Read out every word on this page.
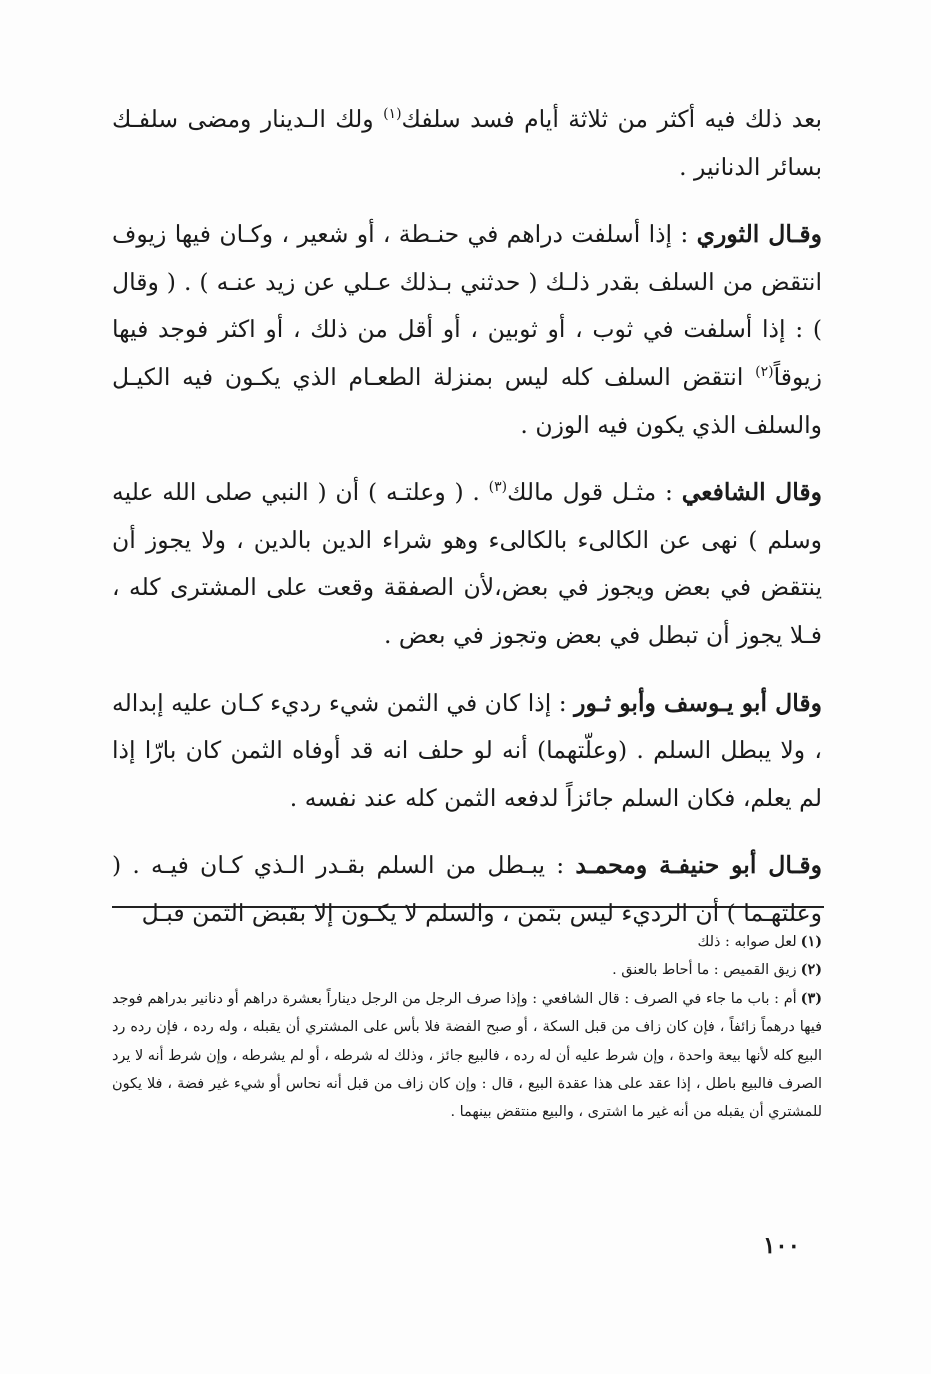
بعد ذلك فيه أكثر من ثلاثة أيام فسد سلفك$^{(١)}$ ولك الـدينار ومضى سلفـك بسائر الدنانير .

وقـال الثوري : إذا أسلفت دراهم في حنـطة ، أو شعير ، وكـان فيها زيوف انتقض من السلف بقدر ذلـك ( حدثني بـذلك عـلي عن زيد عنـه ) . ( وقال ) : إذا أسلفت في ثوب ، أو ثوبين ، أو أقل من ذلك ، أو اكثر فوجد فيها زيوقاً$^{(٢)}$ انتقض السلف كله ليس بمنزلة الطعـام الذي يكـون فيه الكيـل والسلف الذي يكون فيه الوزن .

وقال الشافعي : مثـل قول مالك$^{(٣)}$ . ( وعلتـه ) أن ( النبي صلى الله عليه وسلم ) نهى عن الكالىء بالكالىء وهو شراء الدين بالدين ، ولا يجوز أن ينتقض في بعض ويجوز في بعض،لأن الصفقة وقعت على المشترى كله ، فـلا يجوز أن تبطل في بعض وتجوز في بعض .

وقال أبو يـوسف وأبو ثـور : إذا كان في الثمن شيء رديء كـان عليه إبداله ، ولا يبطل السلم . (وعلّتهما) أنه لو حلف انه قد أوفاه الثمن كان بارّا إذا لم يعلم، فكان السلم جائزاً لدفعه الثمن كله عند نفسه .

وقـال أبو حنيفـة ومحمـد : يبـطل من السلم بقـدر الـذي كـان فيـه . ( وعلتهـما ) أن الرديء ليس بثمن ، والسلم لا يكـون إلا بقبض الثمن قبـل

(١)لعل صوابه : ذلك

(٢)زيق القميص : ما أحاط بالعنق .

(٣)أم : باب ما جاء في الصرف : قال الشافعي : وإذا صرف الرجل من الرجل ديناراً بعشرة دراهم أو دنانير بدراهم فوجد فيها درهماً زائفاً ، فإن كان زاف من قبل السكة ، أو صبح الفضة فلا بأس على المشتري أن يقبله ، وله رده ، فإن رده رد البيع كله لأنها بيعة واحدة ، وإن شرط عليه أن له رده ، فالبيع جائز ، وذلك له شرطه ، أو لم يشرطه ، وإن شرط أنه لا يرد الصرف فالبيع باطل ، إذا عقد على هذا عقدة البيع ، قال : وإن كان زاف من قبل أنه نحاس أو شيء غير فضة ، فلا يكون للمشتري أن يقبله من أنه غير ما اشترى ، والبيع منتقض بينهما .

١٠٠
